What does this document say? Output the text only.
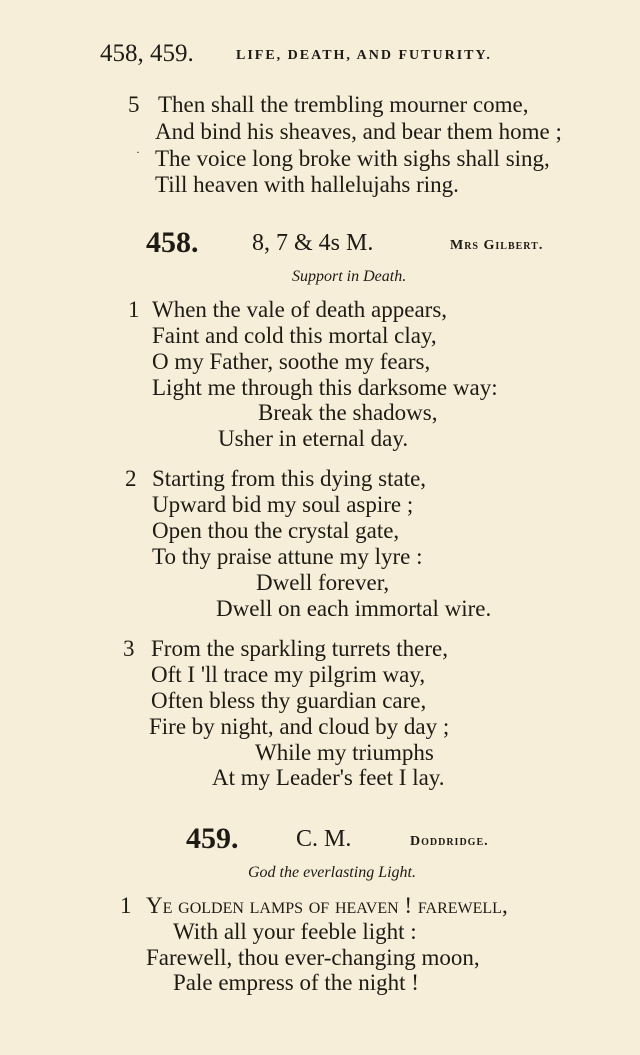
458, 459.	LIFE, DEATH, AND FUTURITY.
5 Then shall the trembling mourner come,
And bind his sheaves, and bear them home ;
· The voice long broke with sighs shall sing,
Till heaven with hallelujahs ring.
458. 8, 7 & 4s M.	Mrs Gilbert.
Support in Death.
1 When the vale of death appears,
Faint and cold this mortal clay,
O my Father, soothe my fears,
Light me through this darksome way:
Break the shadows,
Usher in eternal day.
2 Starting from this dying state,
Upward bid my soul aspire ;
Open thou the crystal gate,
To thy praise attune my lyre :
Dwell forever,
Dwell on each immortal wire.
3 From the sparkling turrets there,
Oft I 'll trace my pilgrim way,
Often bless thy guardian care,
Fire by night, and cloud by day ;
While my triumphs
At my Leader's feet I lay.
459. C. M.	Doddridge.
God the everlasting Light.
1 Ye golden lamps of heaven ! farewell,
With all your feeble light :
Farewell, thou ever-changing moon,
Pale empress of the night !
